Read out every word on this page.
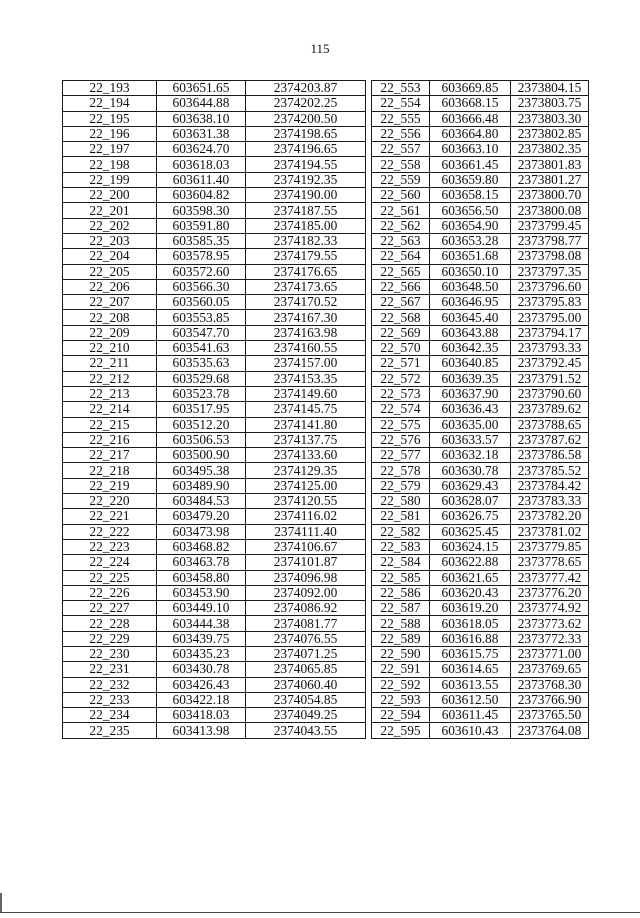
115
22_193	603651.65	2374203.87		22_553	603669.85	2373804.15
22_194	603644.88	2374202.25		22_554	603668.15	2373803.75
22_195	603638.10	2374200.50		22_555	603666.48	2373803.30
22_196	603631.38	2374198.65		22_556	603664.80	2373802.85
22_197	603624.70	2374196.65		22_557	603663.10	2373802.35
22_198	603618.03	2374194.55		22_558	603661.45	2373801.83
22_199	603611.40	2374192.35		22_559	603659.80	2373801.27
22_200	603604.82	2374190.00		22_560	603658.15	2373800.70
22_201	603598.30	2374187.55		22_561	603656.50	2373800.08
22_202	603591.80	2374185.00		22_562	603654.90	2373799.45
22_203	603585.35	2374182.33		22_563	603653.28	2373798.77
22_204	603578.95	2374179.55		22_564	603651.68	2373798.08
22_205	603572.60	2374176.65		22_565	603650.10	2373797.35
22_206	603566.30	2374173.65		22_566	603648.50	2373796.60
22_207	603560.05	2374170.52		22_567	603646.95	2373795.83
22_208	603553.85	2374167.30		22_568	603645.40	2373795.00
22_209	603547.70	2374163.98		22_569	603643.88	2373794.17
22_210	603541.63	2374160.55		22_570	603642.35	2373793.33
22_211	603535.63	2374157.00		22_571	603640.85	2373792.45
22_212	603529.68	2374153.35		22_572	603639.35	2373791.52
22_213	603523.78	2374149.60		22_573	603637.90	2373790.60
22_214	603517.95	2374145.75		22_574	603636.43	2373789.62
22_215	603512.20	2374141.80		22_575	603635.00	2373788.65
22_216	603506.53	2374137.75		22_576	603633.57	2373787.62
22_217	603500.90	2374133.60		22_577	603632.18	2373786.58
22_218	603495.38	2374129.35		22_578	603630.78	2373785.52
22_219	603489.90	2374125.00		22_579	603629.43	2373784.42
22_220	603484.53	2374120.55		22_580	603628.07	2373783.33
22_221	603479.20	2374116.02		22_581	603626.75	2373782.20
22_222	603473.98	2374111.40		22_582	603625.45	2373781.02
22_223	603468.82	2374106.67		22_583	603624.15	2373779.85
22_224	603463.78	2374101.87		22_584	603622.88	2373778.65
22_225	603458.80	2374096.98		22_585	603621.65	2373777.42
22_226	603453.90	2374092.00		22_586	603620.43	2373776.20
22_227	603449.10	2374086.92		22_587	603619.20	2373774.92
22_228	603444.38	2374081.77		22_588	603618.05	2373773.62
22_229	603439.75	2374076.55		22_589	603616.88	2373772.33
22_230	603435.23	2374071.25		22_590	603615.75	2373771.00
22_231	603430.78	2374065.85		22_591	603614.65	2373769.65
22_232	603426.43	2374060.40		22_592	603613.55	2373768.30
22_233	603422.18	2374054.85		22_593	603612.50	2373766.90
22_234	603418.03	2374049.25		22_594	603611.45	2373765.50
22_235	603413.98	2374043.55		22_595	603610.43	2373764.08
